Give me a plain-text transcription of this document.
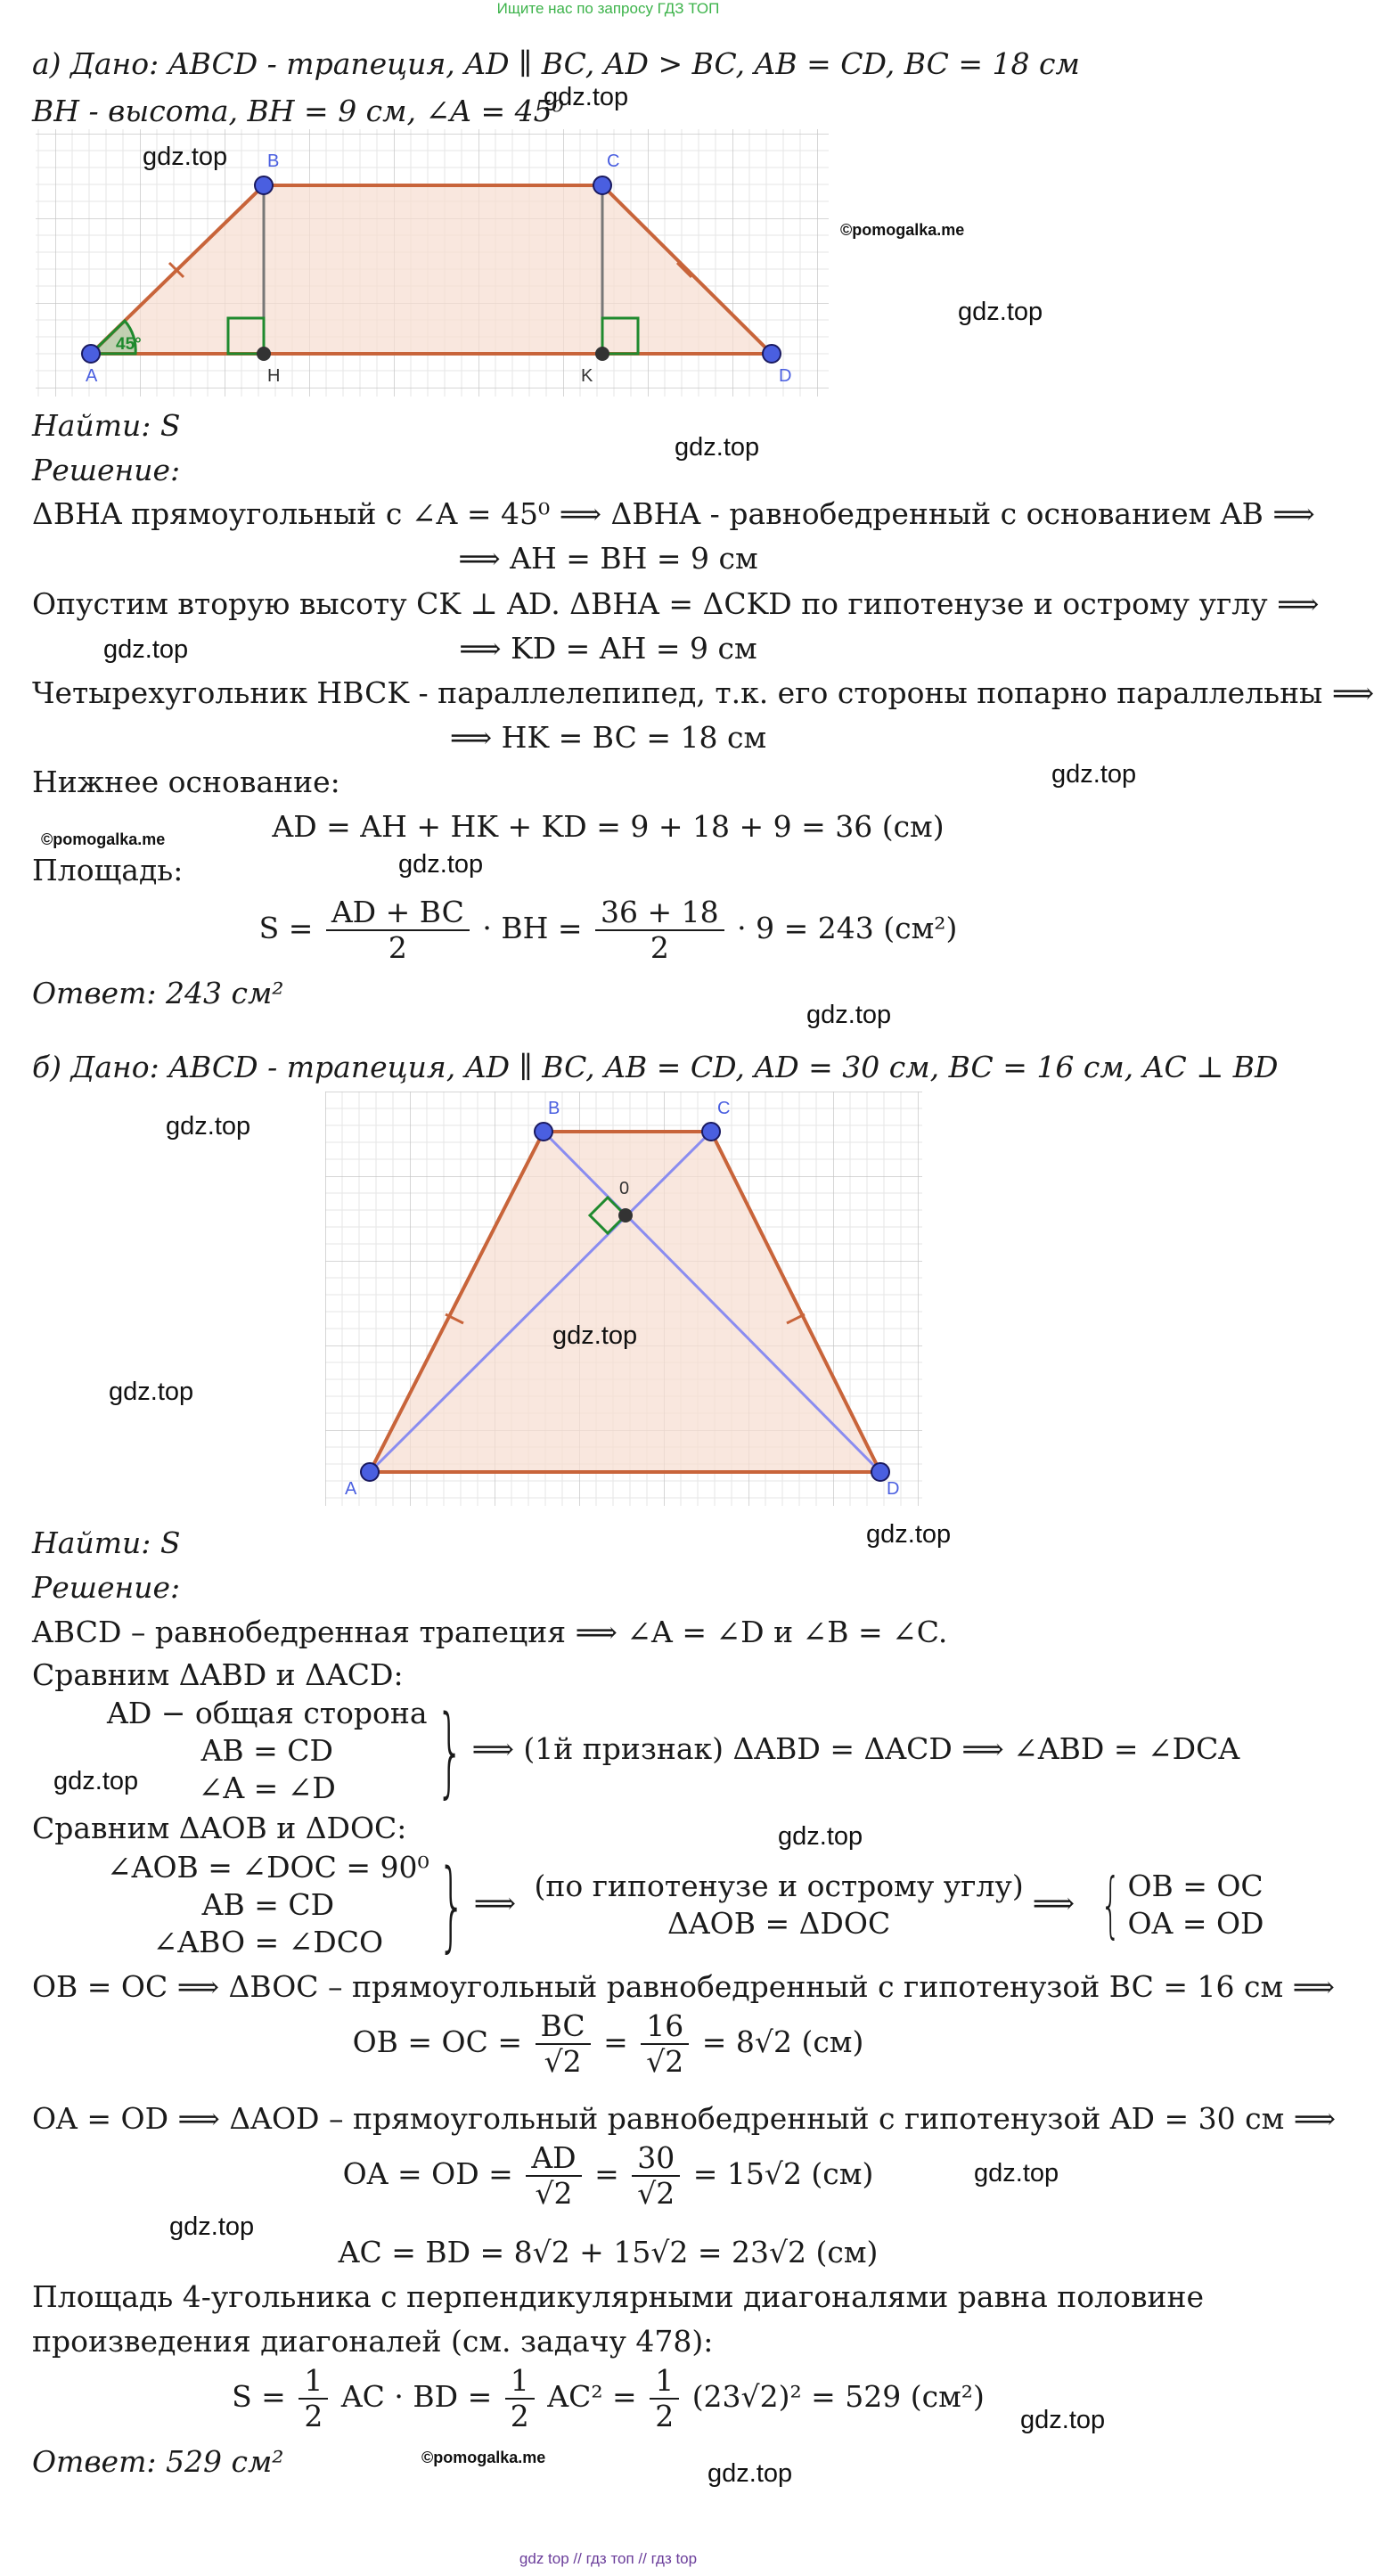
Ищите нас по запросу ГДЗ ТОП
а) Дано: ABCD - трапеция, AD ∥ BC, AD > BC, AB = CD, BC = 18 см
gdz.top
BH - высота, BH = 9 см, ∠A = 45⁰
A
B	C
D
H	K
45°
gdz.top
©pomogalka.me
gdz.top
Найти: S
gdz.top
Решение:
ΔBHA прямоугольный с ∠A = 45⁰ ⟹ ΔBHA - равнобедренный с основанием AB ⟹
⟹ AH = BH = 9 см
Опустим вторую высоту CK ⊥ AD. ΔBHA = ΔCKD по гипотенузе и острому углу ⟹
gdz.top	⟹ KD = AH = 9 см
Четырехугольник HBCK - параллелепипед, т.к. его стороны попарно параллельны ⟹
⟹ HK = BC = 18 см
gdz.top
Нижнее основание:
AD = AH + HK + KD = 9 + 18 + 9 = 36 (см)
©pomogalka.me
gdz.top
Площадь:
$S = \frac{AD + BC}{2}$ · BH = $\frac{36 + 18}{2} \cdot 9 = 243$ (см²)
Ответ: 243 см²
gdz.top
б) Дано: ABCD - трапеция, AD ∥ BC, AB = CD, AD = 30 см, BC = 16 см, AC ⊥ BD
gdz.top
A
B	C
D
0
gdz.top
gdz.top
gdz.top
Найти: S
Решение:
ABCD – равнобедренная трапеция ⟹ ∠A = ∠D и ∠B = ∠C.
Сравним ΔABD и ΔACD:
AD − общая сторона
AB = CD
∠A = ∠D	} ⟹ (1й признак) ΔABD = ΔACD ⟹ ∠ABD = ∠DCA
gdz.top
Сравним ΔAOB и ΔDOC:	gdz.top
∠AOB = ∠DOC = 90⁰
AB = CD
∠ABO = ∠DCO } ⟹ (по гипотенузе и острому углу)
ΔAOB = ΔDOC
⟹ { OB = OC
OA = OD
OB = OC ⟹ ΔBOC – прямоугольный равнобедренный с гипотенузой BC = 16 см ⟹
OB = OC = $\frac{BC}{√2} = \frac{16}{√2} = 8√2$ (см)
OA = OD ⟹ ΔAOD – прямоугольный равнобедренный с гипотенузой AD = 30 см ⟹
OA = OD = $\frac{AD}{√2} = \frac{30}{√2} = 15√2$ (см)	gdz.top
gdz.top
AC = BD = 8√2 + 15√2 = 23√2 (см)
Площадь 4-угольника с перпендикулярными диагоналями равна половине
произведения диагоналей (см. задачу 478):
$S = \frac{1}{2}$ AC · BD = $\frac{1}{2} AC^2 = \frac{1}{2} (23√2)^2 = 529$ (см²)
gdz.top
Ответ: 529 см²	©pomogalka.me
gdz.top
gdz top // гдз топ // гдз top
